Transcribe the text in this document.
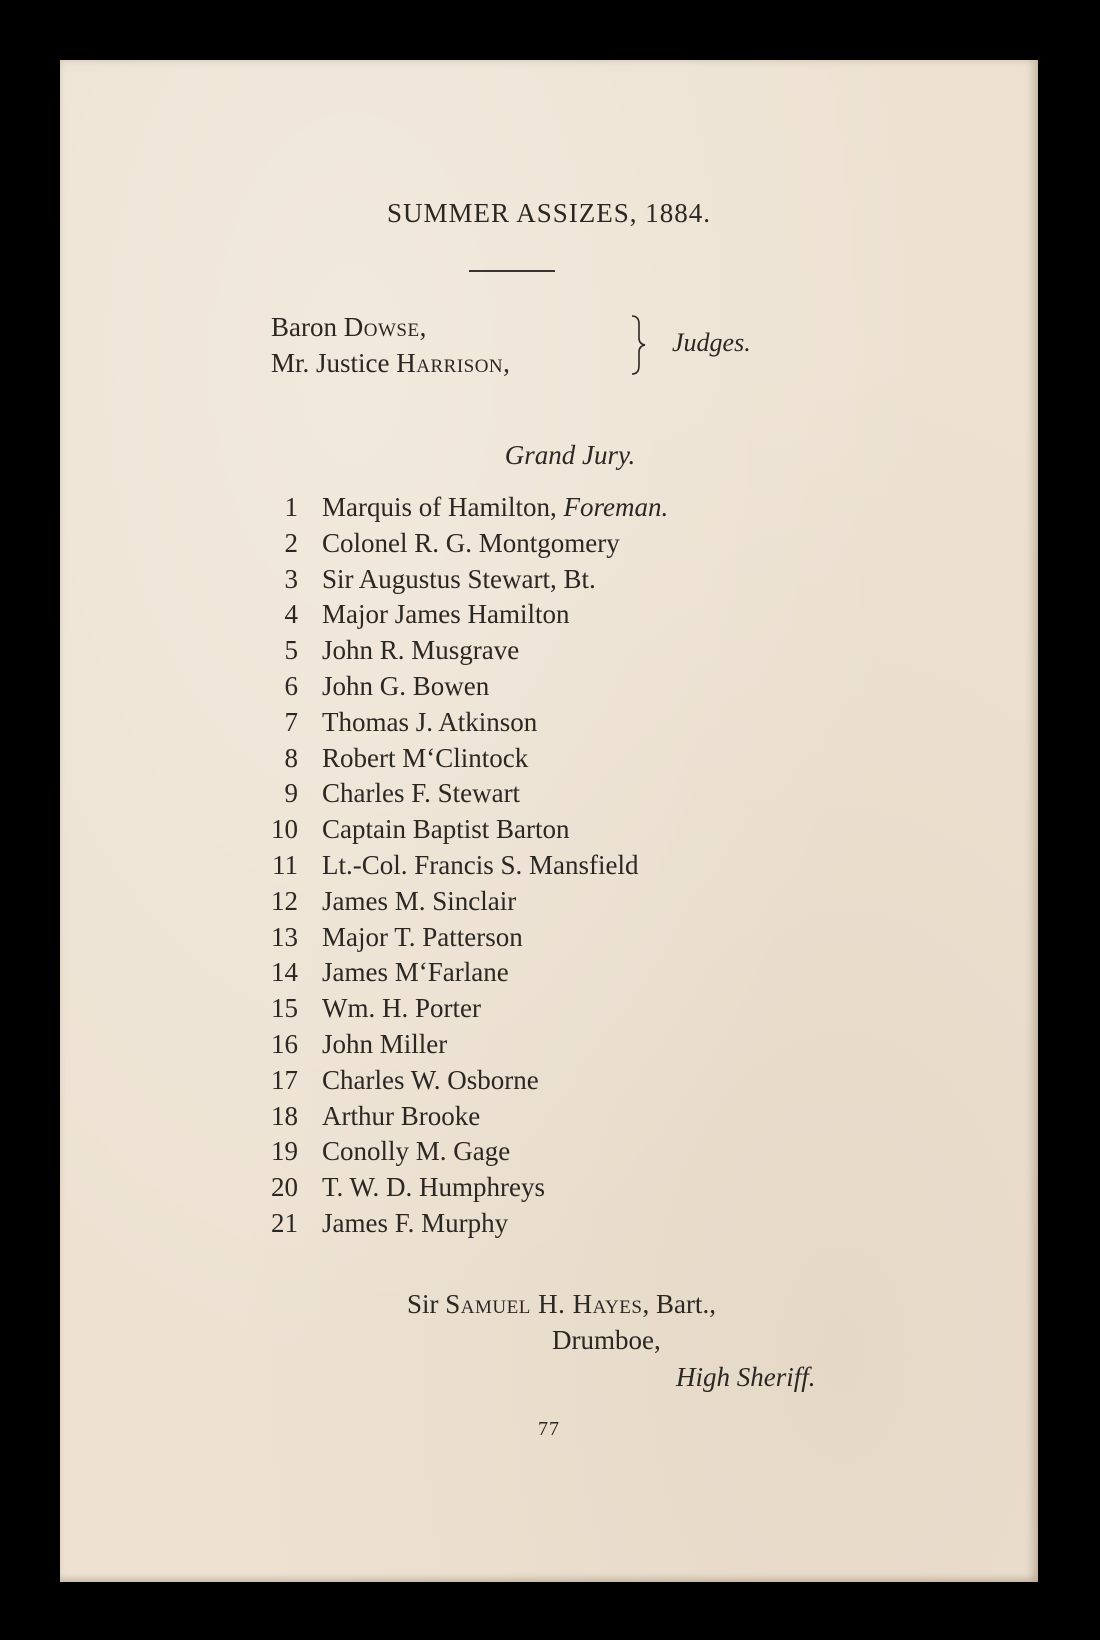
SUMMER ASSIZES, 1884.
Baron Dowse,
Mr. Justice Harrison,
Judges.
Grand Jury.
1 Marquis of Hamilton, Foreman.
2 Colonel R. G. Montgomery
3 Sir Augustus Stewart, Bt.
4 Major James Hamilton
5 John R. Musgrave
6 John G. Bowen
7 Thomas J. Atkinson
8 Robert M‘Clintock
9 Charles F. Stewart
10 Captain Baptist Barton
11 Lt.-Col. Francis S. Mansfield
12 James M. Sinclair
13 Major T. Patterson
14 James M‘Farlane
15 Wm. H. Porter
16 John Miller
17 Charles W. Osborne
18 Arthur Brooke
19 Conolly M. Gage
20 T. W. D. Humphreys
21 James F. Murphy
Sir Samuel H. Hayes, Bart.,
Drumboe,
High Sheriff.
77
